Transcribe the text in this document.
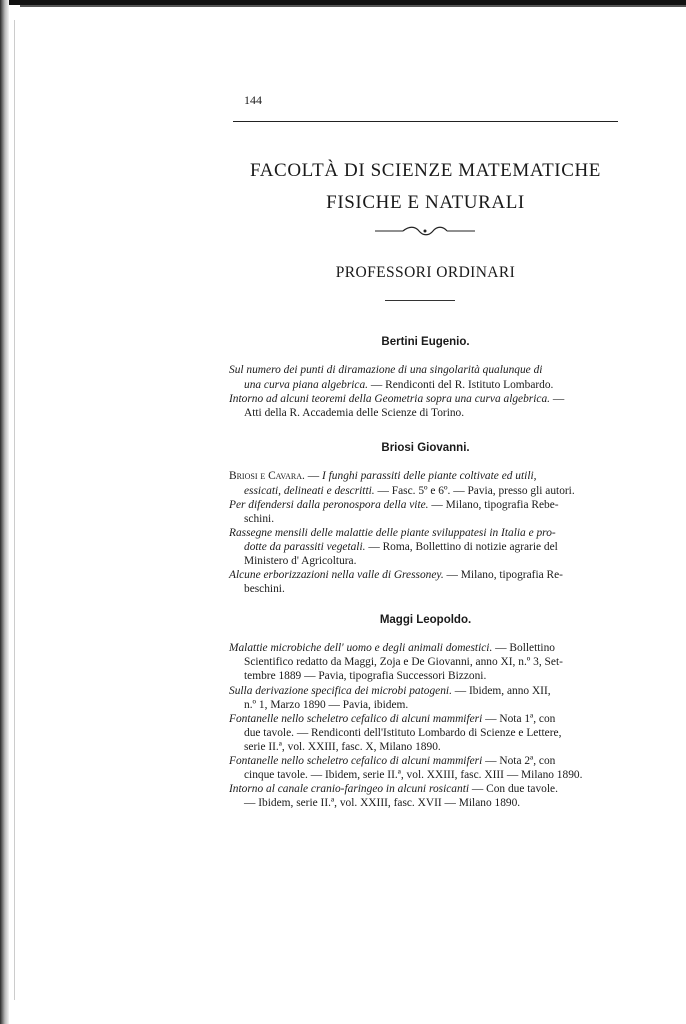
144
FACOLTÀ DI SCIENZE MATEMATICHE
FISICHE E NATURALI
PROFESSORI ORDINARI
Bertini Eugenio.
Sul numero dei punti di diramazione di una singolarità qualunque di
una curva piana algebrica. — Rendiconti del R. Istituto Lombardo.
Intorno ad alcuni teoremi della Geometria sopra una curva algebrica. —
Atti della R. Accademia delle Scienze di Torino.
Briosi Giovanni.
Briosi e Cavara. — I funghi parassiti delle piante coltivate ed utili,
essicati, delineati e descritti. — Fasc. 5º e 6º. — Pavia, presso gli autori.
Per difendersi dalla peronospora della vite. — Milano, tipografia Rebe-
schini.
Rassegne mensili delle malattie delle piante sviluppatesi in Italia e pro-
dotte da parassiti vegetali. — Roma, Bollettino di notizie agrarie del
Ministero d' Agricoltura.
Alcune erborizzazioni nella valle di Gressoney. — Milano, tipografia Re-
beschini.
Maggi Leopoldo.
Malattie microbiche dell' uomo e degli animali domestici. — Bollettino
Scientifico redatto da Maggi, Zoja e De Giovanni, anno XI, n.º 3, Set-
tembre 1889 — Pavia, tipografia Successori Bizzoni.
Sulla derivazione specifica dei microbi patogeni. — Ibidem, anno XII,
n.º 1, Marzo 1890 — Pavia, ibidem.
Fontanelle nello scheletro cefalico di alcuni mammiferi — Nota 1ª, con
due tavole. — Rendiconti dell'Istituto Lombardo di Scienze e Lettere,
serie II.ª, vol. XXIII, fasc. X, Milano 1890.
Fontanelle nello scheletro cefalico di alcuni mammiferi — Nota 2ª, con
cinque tavole. — Ibidem, serie II.ª, vol. XXIII, fasc. XIII — Milano 1890.
Intorno al canale cranio-faringeo in alcuni rosicanti — Con due tavole.
— Ibidem, serie II.ª, vol. XXIII, fasc. XVII — Milano 1890.
